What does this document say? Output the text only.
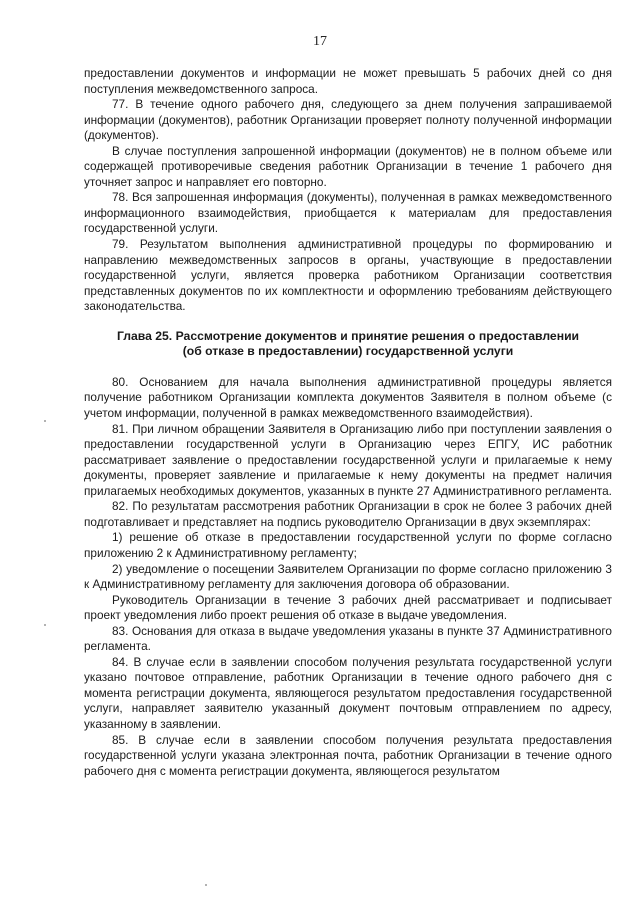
17

предоставлении документов и информации не может превышать 5 рабочих дней со дня поступления межведомственного запроса.

77. В течение одного рабочего дня, следующего за днем получения запрашиваемой информации (документов), работник Организации проверяет полноту полученной информации (документов).

В случае поступления запрошенной информации (документов) не в полном объеме или содержащей противоречивые сведения работник Организации в течение 1 рабочего дня уточняет запрос и направляет его повторно.

78. Вся запрошенная информация (документы), полученная в рамках межведомственного информационного взаимодействия, приобщается к материалам для предоставления государственной услуги.

79. Результатом выполнения административной процедуры по формированию и направлению межведомственных запросов в органы, участвующие в предоставлении государственной услуги, является проверка работником Организации соответствия представленных документов по их комплектности и оформлению требованиям действующего законодательства.

Глава 25. Рассмотрение документов и принятие решения о предоставлении
(об отказе в предоставлении) государственной услуги

80. Основанием для начала выполнения административной процедуры является получение работником Организации комплекта документов Заявителя в полном объеме (с учетом информации, полученной в рамках межведомственного взаимодействия).

81. При личном обращении Заявителя в Организацию либо при поступлении заявления о предоставлении государственной услуги в Организацию через ЕПГУ, ИС работник рассматривает заявление о предоставлении государственной услуги и прилагаемые к нему документы, проверяет заявление и прилагаемые к нему документы на предмет наличия прилагаемых необходимых документов, указанных в пункте 27 Административного регламента.

82. По результатам рассмотрения работник Организации в срок не более 3 рабочих дней подготавливает и представляет на подпись руководителю Организации в двух экземплярах:

1) решение об отказе в предоставлении государственной услуги по форме согласно приложению 2 к Административному регламенту;

2) уведомление о посещении Заявителем Организации по форме согласно приложению 3 к Административному регламенту для заключения договора об образовании.

Руководитель Организации в течение 3 рабочих дней рассматривает и подписывает проект уведомления либо проект решения об отказе в выдаче уведомления.

83. Основания для отказа в выдаче уведомления указаны в пункте 37 Административного регламента.

84. В случае если в заявлении способом получения результата государственной услуги указано почтовое отправление, работник Организации в течение одного рабочего дня с момента регистрации документа, являющегося результатом предоставления государственной услуги, направляет заявителю указанный документ почтовым отправлением по адресу, указанному в заявлении.

85. В случае если в заявлении способом получения результата предоставления государственной услуги указана электронная почта, работник Организации в течение одного рабочего дня с момента регистрации документа, являющегося результатом
